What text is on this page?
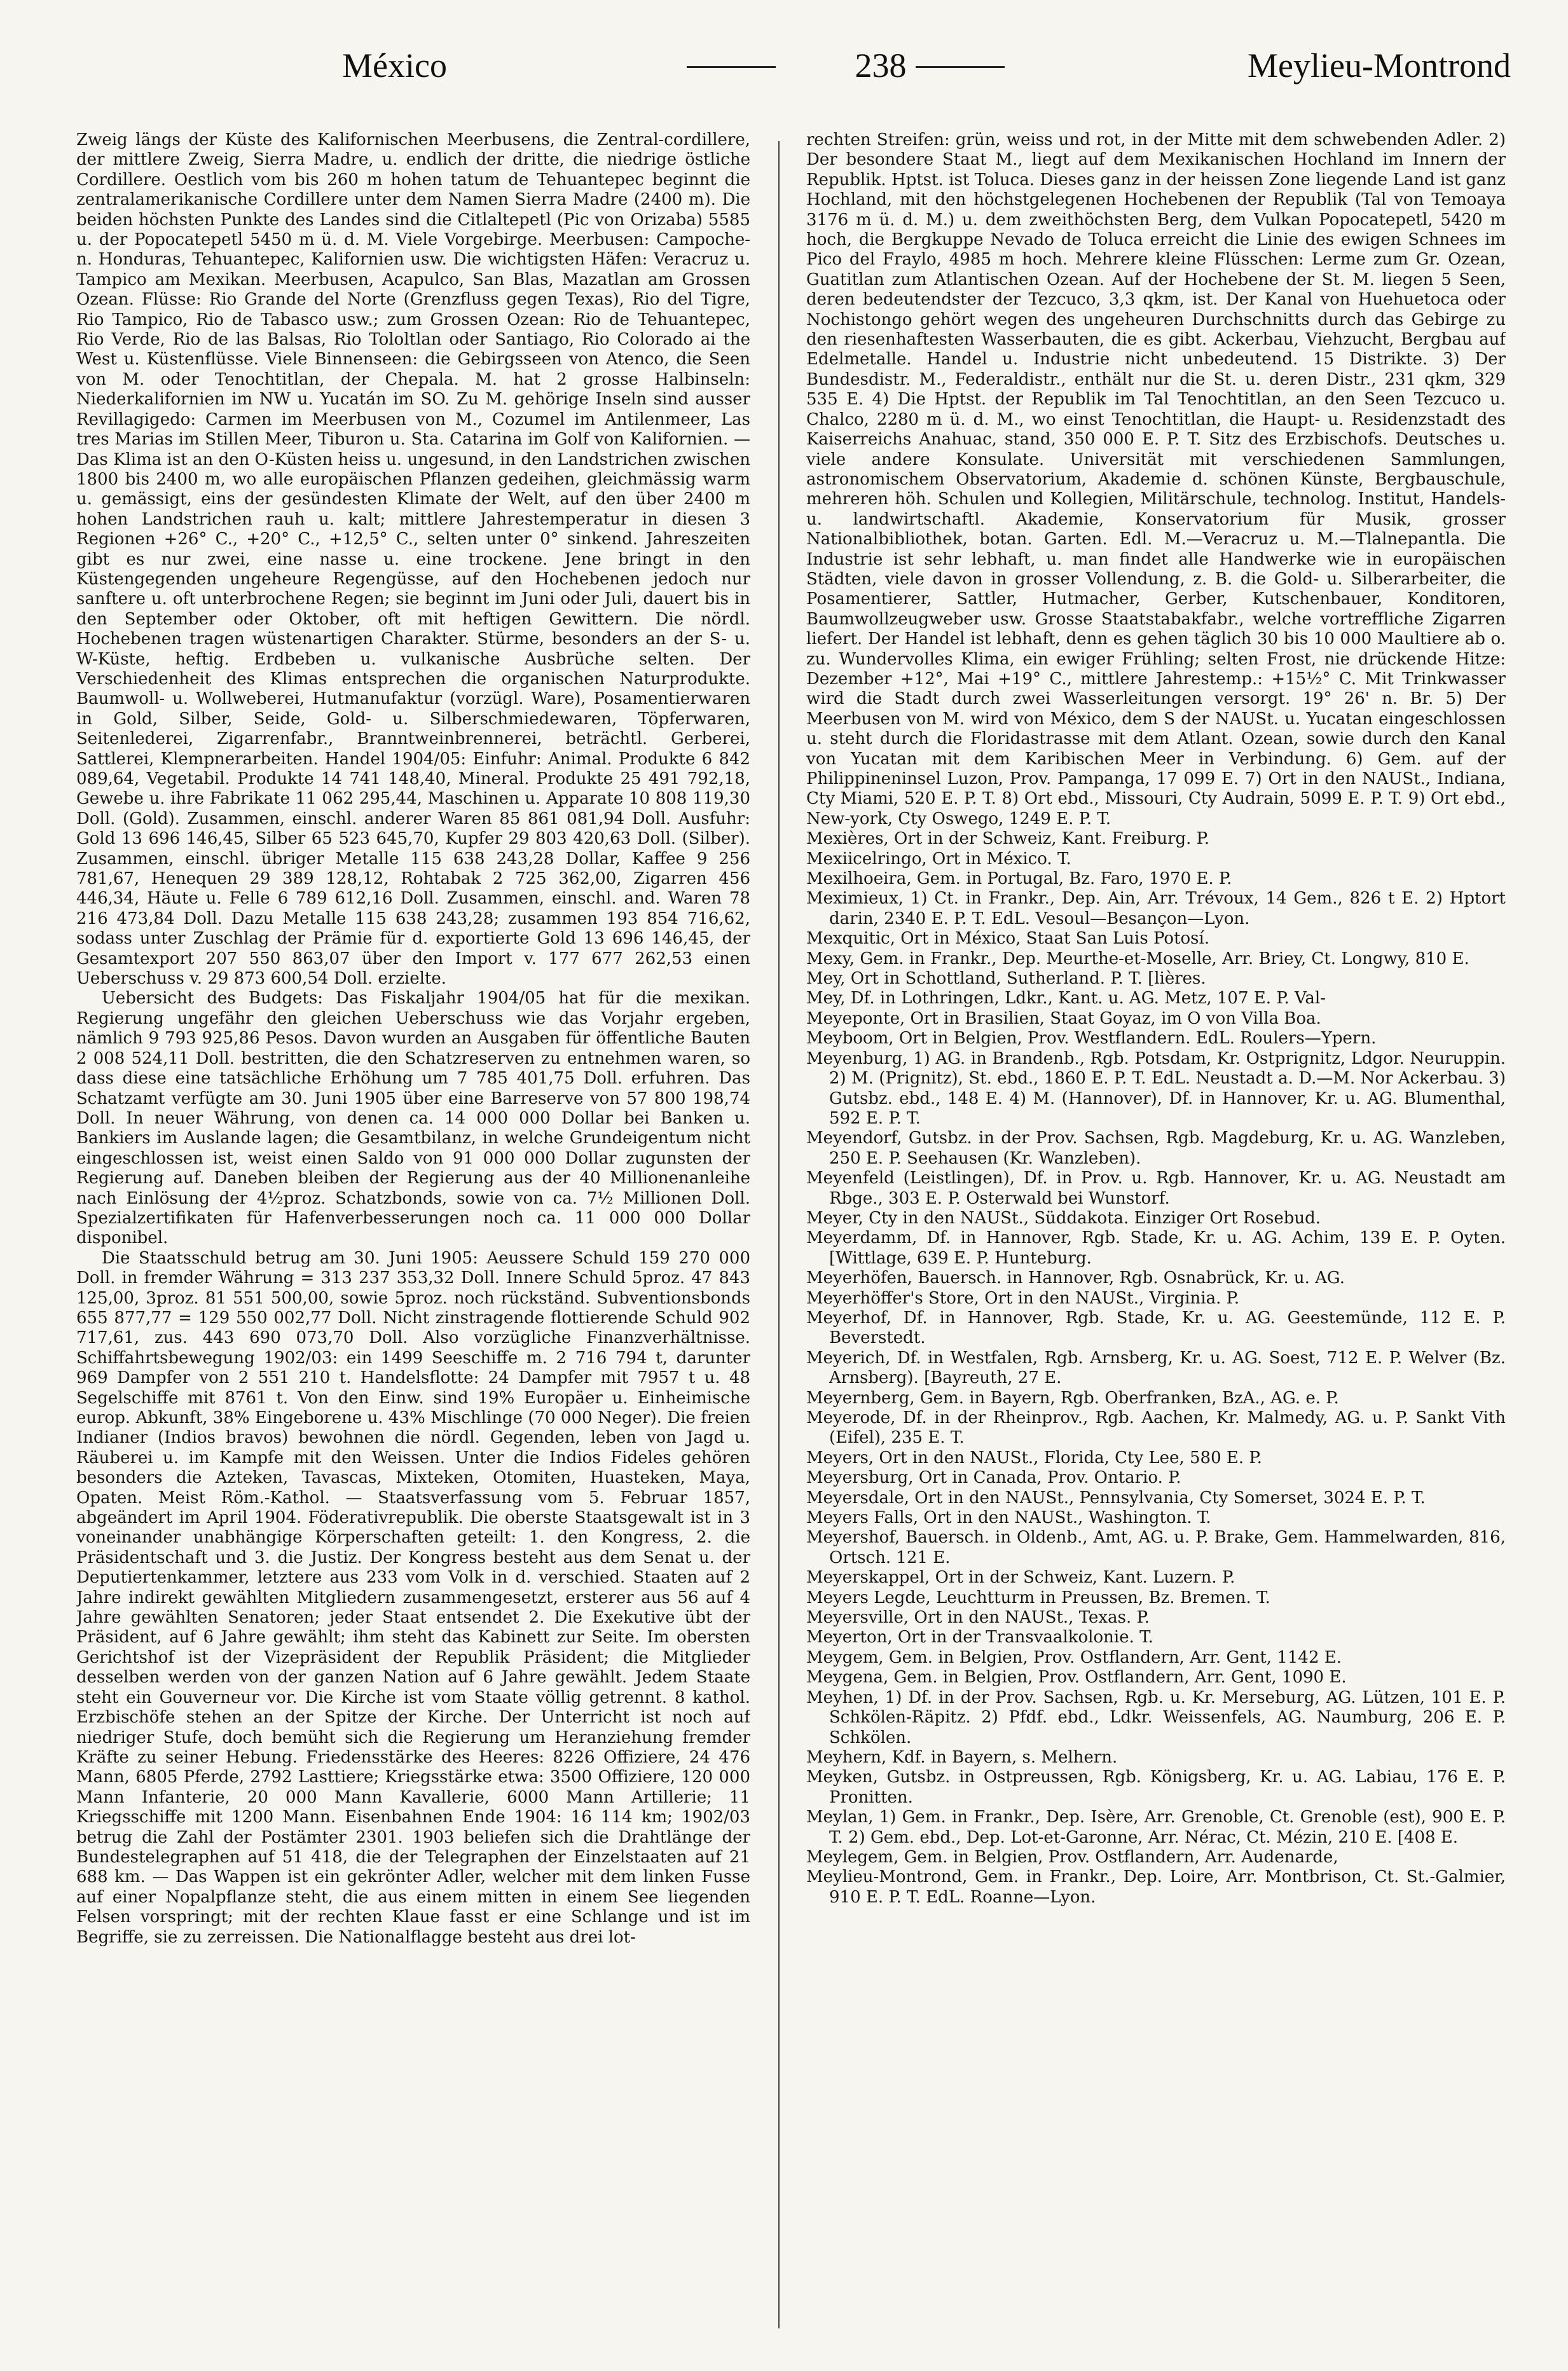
México	238	Meylieu-Montrond

Zweig längs der Küste des Kalifornischen Meerbusens, die Zentral-cordillere, der mittlere Zweig, Sierra Madre, u. endlich der dritte, die niedrige östliche Cordillere. Oestlich vom bis 260 m hohen tatum de Tehuantepec beginnt die zentralamerikanische Cordillere unter dem Namen Sierra Madre (2400 m). Die beiden höchsten Punkte des Landes sind die Citlaltepetl (Pic von Orizaba) 5585 u. der Popocatepetl 5450 m ü. d. M. Viele Vorgebirge. Meerbusen: Campoche- n. Honduras, Tehuantepec, Kalifornien usw. Die wichtigsten Häfen: Veracruz u. Tampico am Mexikan. Meerbusen, Acapulco, San Blas, Mazatlan am Grossen Ozean. Flüsse: Rio Grande del Norte (Grenzfluss gegen Texas), Rio del Tigre, Rio Tampico, Rio de Tabasco usw.; zum Grossen Ozean: Rio de Tehuantepec, Rio Verde, Rio de las Balsas, Rio Tololtlan oder Santiago, Rio Colorado ai the West u. Küstenflüsse. Viele Binnenseen: die Gebirgsseen von Atenco, die Seen von M. oder Tenochtitlan, der Chepala. M. hat 2 grosse Halbinseln: Niederkalifornien im NW u. Yucatán im SO. Zu M. gehörige Inseln sind ausser Revillagigedo: Carmen im Meerbusen von M., Cozumel im Antilenmeer, Las tres Marias im Stillen Meer, Tiburon u. Sta. Catarina im Golf von Kalifornien. — Das Klima ist an den O-Küsten heiss u. ungesund, in den Landstrichen zwischen 1800 bis 2400 m, wo alle europäischen Pflanzen gedeihen, gleichmässig warm u. gemässigt, eins der gesündesten Klimate der Welt, auf den über 2400 m hohen Landstrichen rauh u. kalt; mittlere Jahrestemperatur in diesen 3 Regionen +26° C., +20° C., +12,5° C., selten unter 0° sinkend. Jahreszeiten gibt es nur zwei, eine nasse u. eine trockene. Jene bringt in den Küstengegenden ungeheure Regengüsse, auf den Hochebenen jedoch nur sanftere u. oft unterbrochene Regen; sie beginnt im Juni oder Juli, dauert bis in den September oder Oktober, oft mit heftigen Gewittern. Die nördl. Hochebenen tragen wüstenartigen Charakter. Stürme, besonders an der S- u. W-Küste, heftig. Erdbeben u. vulkanische Ausbrüche selten. Der Verschiedenheit des Klimas entsprechen die organischen Naturprodukte. Baumwoll- u. Wollweberei, Hutmanufaktur (vorzügl. Ware), Posamentierwaren in Gold, Silber, Seide, Gold- u. Silberschmiedewaren, Töpferwaren, Seitenlederei, Zigarrenfabr., Branntweinbrennerei, beträchtl. Gerberei, Sattlerei, Klempnerarbeiten. Handel 1904/05: Einfuhr: Animal. Produkte 6 842 089,64, Vegetabil. Produkte 14 741 148,40, Mineral. Produkte 25 491 792,18, Gewebe u. ihre Fabrikate 11 062 295,44, Maschinen u. Apparate 10 808 119,30 Doll. (Gold). Zusammen, einschl. anderer Waren 85 861 081,94 Doll. Ausfuhr: Gold 13 696 146,45, Silber 65 523 645,70, Kupfer 29 803 420,63 Doll. (Silber). Zusammen, einschl. übriger Metalle 115 638 243,28 Dollar, Kaffee 9 256 781,67, Henequen 29 389 128,12, Rohtabak 2 725 362,00, Zigarren 456 446,34, Häute u. Felle 6 789 612,16 Doll. Zusammen, einschl. and. Waren 78 216 473,84 Doll. Dazu Metalle 115 638 243,28; zusammen 193 854 716,62, sodass unter Zuschlag der Prämie für d. exportierte Gold 13 696 146,45, der Gesamtexport 207 550 863,07 über den Import v. 177 677 262,53 einen Ueberschuss v. 29 873 600,54 Doll. erzielte.

Uebersicht des Budgets: Das Fiskaljahr 1904/05 hat für die mexikan. Regierung ungefähr den gleichen Ueberschuss wie das Vorjahr ergeben, nämlich 9 793 925,86 Pesos. Davon wurden an Ausgaben für öffentliche Bauten 2 008 524,11 Doll. bestritten, die den Schatzreserven zu entnehmen waren, so dass diese eine tatsächliche Erhöhung um 7 785 401,75 Doll. erfuhren. Das Schatzamt verfügte am 30. Juni 1905 über eine Barreserve von 57 800 198,74 Doll. In neuer Währung, von denen ca. 14 000 000 Dollar bei Banken u. Bankiers im Auslande lagen; die Gesamtbilanz, in welche Grundeigentum nicht eingeschlossen ist, weist einen Saldo von 91 000 000 Dollar zugunsten der Regierung auf. Daneben bleiben der Regierung aus der 40 Millionenanleihe nach Einlösung der 4½proz. Schatzbonds, sowie von ca. 7½ Millionen Doll. Spezialzertifikaten für Hafenverbesserungen noch ca. 11 000 000 Dollar disponibel.

Die Staatsschuld betrug am 30. Juni 1905: Aeussere Schuld 159 270 000 Doll. in fremder Währung = 313 237 353,32 Doll. Innere Schuld 5proz. 47 843 125,00, 3proz. 81 551 500,00, sowie 5proz. noch rückständ. Subventionsbonds 655 877,77 = 129 550 002,77 Doll. Nicht zinstragende flottierende Schuld 902 717,61, zus. 443 690 073,70 Doll. Also vorzügliche Finanzverhältnisse. Schiffahrtsbewegung 1902/03: ein 1499 Seeschiffe m. 2 716 794 t, darunter 969 Dampfer von 2 551 210 t. Handelsflotte: 24 Dampfer mit 7957 t u. 48 Segelschiffe mit 8761 t. Von den Einw. sind 19% Europäer u. Einheimische europ. Abkunft, 38% Eingeborene u. 43% Mischlinge (70 000 Neger). Die freien Indianer (Indios bravos) bewohnen die nördl. Gegenden, leben von Jagd u. Räuberei u. im Kampfe mit den Weissen. Unter die Indios Fideles gehören besonders die Azteken, Tavascas, Mixteken, Otomiten, Huasteken, Maya, Opaten. Meist Röm.-Kathol. — Staatsverfassung vom 5. Februar 1857, abgeändert im April 1904. Föderativrepublik. Die oberste Staatsgewalt ist in 3 voneinander unabhängige Körperschaften geteilt: 1. den Kongress, 2. die Präsidentschaft und 3. die Justiz. Der Kongress besteht aus dem Senat u. der Deputiertenkammer, letztere aus 233 vom Volk in d. verschied. Staaten auf 2 Jahre indirekt gewählten Mitgliedern zusammengesetzt, ersterer aus 56 auf 4 Jahre gewählten Senatoren; jeder Staat entsendet 2. Die Exekutive übt der Präsident, auf 6 Jahre gewählt; ihm steht das Kabinett zur Seite. Im obersten Gerichtshof ist der Vizepräsident der Republik Präsident; die Mitglieder desselben werden von der ganzen Nation auf 6 Jahre gewählt. Jedem Staate steht ein Gouverneur vor. Die Kirche ist vom Staate völlig getrennt. 8 kathol. Erzbischöfe stehen an der Spitze der Kirche. Der Unterricht ist noch auf niedriger Stufe, doch bemüht sich die Regierung um Heranziehung fremder Kräfte zu seiner Hebung. Friedensstärke des Heeres: 8226 Offiziere, 24 476 Mann, 6805 Pferde, 2792 Lasttiere; Kriegsstärke etwa: 3500 Offiziere, 120 000 Mann Infanterie, 20 000 Mann Kavallerie, 6000 Mann Artillerie; 11 Kriegsschiffe mit 1200 Mann. Eisenbahnen Ende 1904: 16 114 km; 1902/03 betrug die Zahl der Postämter 2301. 1903 beliefen sich die Drahtlänge der Bundestelegraphen auf 51 418, die der Telegraphen der Einzelstaaten auf 21 688 km. — Das Wappen ist ein gekrönter Adler, welcher mit dem linken Fusse auf einer Nopalpflanze steht, die aus einem mitten in einem See liegenden Felsen vorspringt; mit der rechten Klaue fasst er eine Schlange und ist im Begriffe, sie zu zerreissen. Die Nationalflagge besteht aus drei lot-

rechten Streifen: grün, weiss und rot, in der Mitte mit dem schwebenden Adler. 2) Der besondere Staat M., liegt auf dem Mexikanischen Hochland im Innern der Republik. Hptst. ist Toluca. Dieses ganz in der heissen Zone liegende Land ist ganz Hochland, mit den höchstgelegenen Hochebenen der Republik (Tal von Temoaya 3176 m ü. d. M.) u. dem zweithöchsten Berg, dem Vulkan Popocatepetl, 5420 m hoch, die Bergkuppe Nevado de Toluca erreicht die Linie des ewigen Schnees im Pico del Fraylo, 4985 m hoch. Mehrere kleine Flüsschen: Lerme zum Gr. Ozean, Guatitlan zum Atlantischen Ozean. Auf der Hochebene der St. M. liegen 5 Seen, deren bedeutendster der Tezcuco, 3,3 qkm, ist. Der Kanal von Huehuetoca oder Nochistongo gehört wegen des ungeheuren Durchschnitts durch das Gebirge zu den riesenhaftesten Wasserbauten, die es gibt. Ackerbau, Viehzucht, Bergbau auf Edelmetalle. Handel u. Industrie nicht unbedeutend. 15 Distrikte. 3) Der Bundesdistr. M., Federaldistr., enthält nur die St. u. deren Distr., 231 qkm, 329 535 E. 4) Die Hptst. der Republik im Tal Tenochtitlan, an den Seen Tezcuco u. Chalco, 2280 m ü. d. M., wo einst Tenochtitlan, die Haupt- u. Residenzstadt des Kaiserreichs Anahuac, stand, 350 000 E. P. T. Sitz des Erzbischofs. Deutsches u. viele andere Konsulate. Universität mit verschiedenen Sammlungen, astronomischem Observatorium, Akademie d. schönen Künste, Bergbauschule, mehreren höh. Schulen und Kollegien, Militärschule, technolog. Institut, Handels- u. landwirtschaftl. Akademie, Konservatorium für Musik, grosser Nationalbibliothek, botan. Garten. Edl. M.—Veracruz u. M.—Tlalnepantla. Die Industrie ist sehr lebhaft, u. man findet alle Handwerke wie in europäischen Städten, viele davon in grosser Vollendung, z. B. die Gold- u. Silberarbeiter, die Posamentierer, Sattler, Hutmacher, Gerber, Kutschenbauer, Konditoren, Baumwollzeugweber usw. Grosse Staatstabakfabr., welche vortreffliche Zigarren liefert. Der Handel ist lebhaft, denn es gehen täglich 30 bis 10 000 Maultiere ab o. zu. Wundervolles Klima, ein ewiger Frühling; selten Frost, nie drückende Hitze: Dezember +12°, Mai +19° C., mittlere Jahrestemp.: +15½° C. Mit Trinkwasser wird die Stadt durch zwei Wasserleitungen versorgt. 19° 26' n. Br. 5) Der Meerbusen von M. wird von México, dem S der NAUSt. u. Yucatan eingeschlossen u. steht durch die Floridastrasse mit dem Atlant. Ozean, sowie durch den Kanal von Yucatan mit dem Karibischen Meer in Verbindung. 6) Gem. auf der Philippineninsel Luzon, Prov. Pampanga, 17 099 E. 7) Ort in den NAUSt., Indiana, Cty Miami, 520 E. P. T. 8) Ort ebd., Missouri, Cty Audrain, 5099 E. P. T. 9) Ort ebd., New-york, Cty Oswego, 1249 E. P. T.

Mexières, Ort in der Schweiz, Kant. Freiburg. P.

Mexiicelringo, Ort in México. T.

Mexilhoeira, Gem. in Portugal, Bz. Faro, 1970 E. P.

Meximieux, 1) Ct. in Frankr., Dep. Ain, Arr. Trévoux, 14 Gem., 826 t E. 2) Hptort darin, 2340 E. P. T. EdL. Vesoul—Besançon—Lyon.

Mexquitic, Ort in México, Staat San Luis Potosí.

Mexy, Gem. in Frankr., Dep. Meurthe-et-Moselle, Arr. Briey, Ct. Longwy, 810 E.

Mey, Ort in Schottland, Sutherland. P. T. [lières.

Mey, Df. in Lothringen, Ldkr., Kant. u. AG. Metz, 107 E. P. Val-

Meyeponte, Ort in Brasilien, Staat Goyaz, im O von Villa Boa.

Meyboom, Ort in Belgien, Prov. Westflandern. EdL. Roulers—Ypern.

Meyenburg, 1) AG. in Brandenb., Rgb. Potsdam, Kr. Ostprignitz, Ldgor. Neuruppin. 2) M. (Prignitz), St. ebd., 1860 E. P. T. EdL. Neustadt a. D.—M. Nor Ackerbau. 3) Gutsbz. ebd., 148 E. 4) M. (Hannover), Df. in Hannover, Kr. u. AG. Blumenthal, 592 E. P. T.

Meyendorf, Gutsbz. in der Prov. Sachsen, Rgb. Magdeburg, Kr. u. AG. Wanzleben, 250 E. P. Seehausen (Kr. Wanzleben).

Meyenfeld (Leistlingen), Df. in Prov. u. Rgb. Hannover, Kr. u. AG. Neustadt am Rbge., 303 E. P. Osterwald bei Wunstorf.

Meyer, Cty in den NAUSt., Süddakota. Einziger Ort Rosebud.

Meyerdamm, Df. in Hannover, Rgb. Stade, Kr. u. AG. Achim, 139 E. P. Oyten. [Wittlage, 639 E. P. Hunteburg.

Meyerhöfen, Bauersch. in Hannover, Rgb. Osnabrück, Kr. u. AG.

Meyerhöffer's Store, Ort in den NAUSt., Virginia. P.

Meyerhof, Df. in Hannover, Rgb. Stade, Kr. u. AG. Geestemünde, 112 E. P. Beverstedt.

Meyerich, Df. in Westfalen, Rgb. Arnsberg, Kr. u. AG. Soest, 712 E. P. Welver (Bz. Arnsberg). [Bayreuth, 27 E.

Meyernberg, Gem. in Bayern, Rgb. Oberfranken, BzA., AG. e. P.

Meyerode, Df. in der Rheinprov., Rgb. Aachen, Kr. Malmedy, AG. u. P. Sankt Vith (Eifel), 235 E. T.

Meyers, Ort in den NAUSt., Florida, Cty Lee, 580 E. P.

Meyersburg, Ort in Canada, Prov. Ontario. P.

Meyersdale, Ort in den NAUSt., Pennsylvania, Cty Somerset, 3024 E. P. T.

Meyers Falls, Ort in den NAUSt., Washington. T.

Meyershof, Bauersch. in Oldenb., Amt, AG. u. P. Brake, Gem. Hammelwarden, 816, Ortsch. 121 E.

Meyerskappel, Ort in der Schweiz, Kant. Luzern. P.

Meyers Legde, Leuchtturm in Preussen, Bz. Bremen. T.

Meyersville, Ort in den NAUSt., Texas. P.

Meyerton, Ort in der Transvaalkolonie. T.

Meygem, Gem. in Belgien, Prov. Ostflandern, Arr. Gent, 1142 E.

Meygena, Gem. in Belgien, Prov. Ostflandern, Arr. Gent, 1090 E.

Meyhen, 1) Df. in der Prov. Sachsen, Rgb. u. Kr. Merseburg, AG. Lützen, 101 E. P. Schkölen-Räpitz. 2) Pfdf. ebd., Ldkr. Weissenfels, AG. Naumburg, 206 E. P. Schkölen.

Meyhern, Kdf. in Bayern, s. Melhern.

Meyken, Gutsbz. in Ostpreussen, Rgb. Königsberg, Kr. u. AG. Labiau, 176 E. P. Pronitten.

Meylan, 1) Gem. in Frankr., Dep. Isère, Arr. Grenoble, Ct. Grenoble (est), 900 E. P. T. 2) Gem. ebd., Dep. Lot-et-Garonne, Arr. Nérac, Ct. Mézin, 210 E. [408 E.

Meylegem, Gem. in Belgien, Prov. Ostflandern, Arr. Audenarde,

Meylieu-Montrond, Gem. in Frankr., Dep. Loire, Arr. Montbrison, Ct. St.-Galmier, 910 E. P. T. EdL. Roanne—Lyon.
